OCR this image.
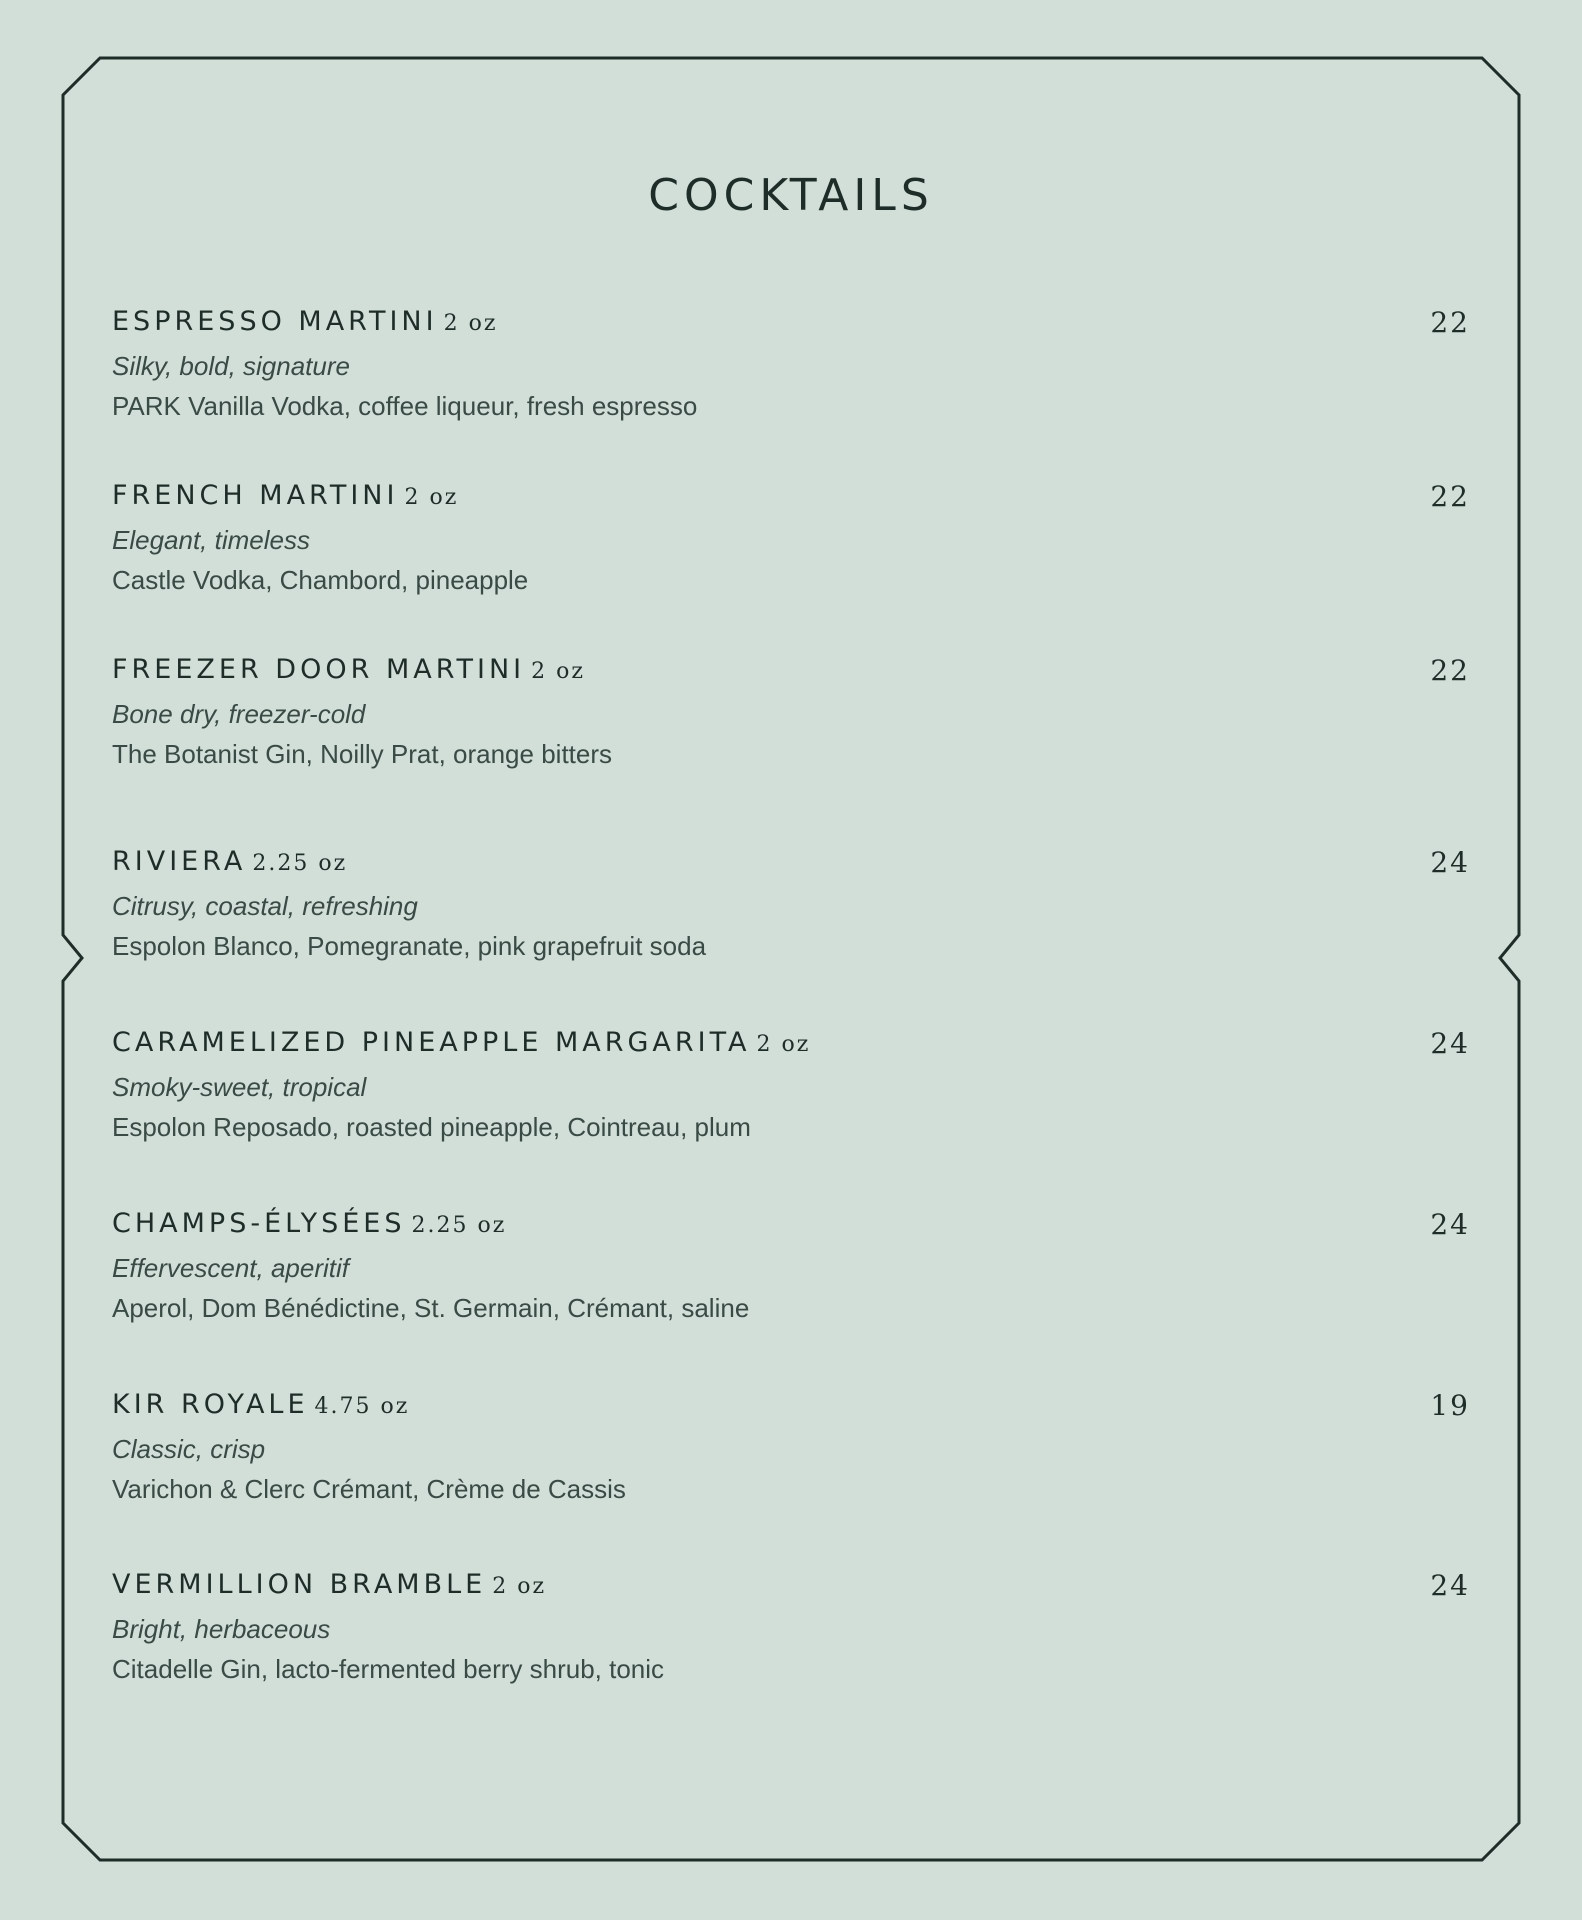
COCKTAILS
ESPRESSO MARTINI 2 oz	22
Silky, bold, signature
PARK Vanilla Vodka, coffee liqueur, fresh espresso
FRENCH MARTINI 2 oz	22
Elegant, timeless
Castle Vodka, Chambord, pineapple
FREEZER DOOR MARTINI 2 oz	22
Bone dry, freezer-cold
The Botanist Gin, Noilly Prat, orange bitters
RIVIERA 2.25 oz	24
Citrusy, coastal, refreshing
Espolon Blanco, Pomegranate, pink grapefruit soda
CARAMELIZED PINEAPPLE MARGARITA 2 oz	24
Smoky-sweet, tropical
Espolon Reposado, roasted pineapple, Cointreau, plum
CHAMPS-ÉLYSÉES 2.25 oz	24
Effervescent, aperitif
Aperol, Dom Bénédictine, St. Germain, Crémant, saline
KIR ROYALE 4.75 oz	19
Classic, crisp
Varichon & Clerc Crémant, Crème de Cassis
VERMILLION BRAMBLE 2 oz	24
Bright, herbaceous
Citadelle Gin, lacto-fermented berry shrub, tonic
